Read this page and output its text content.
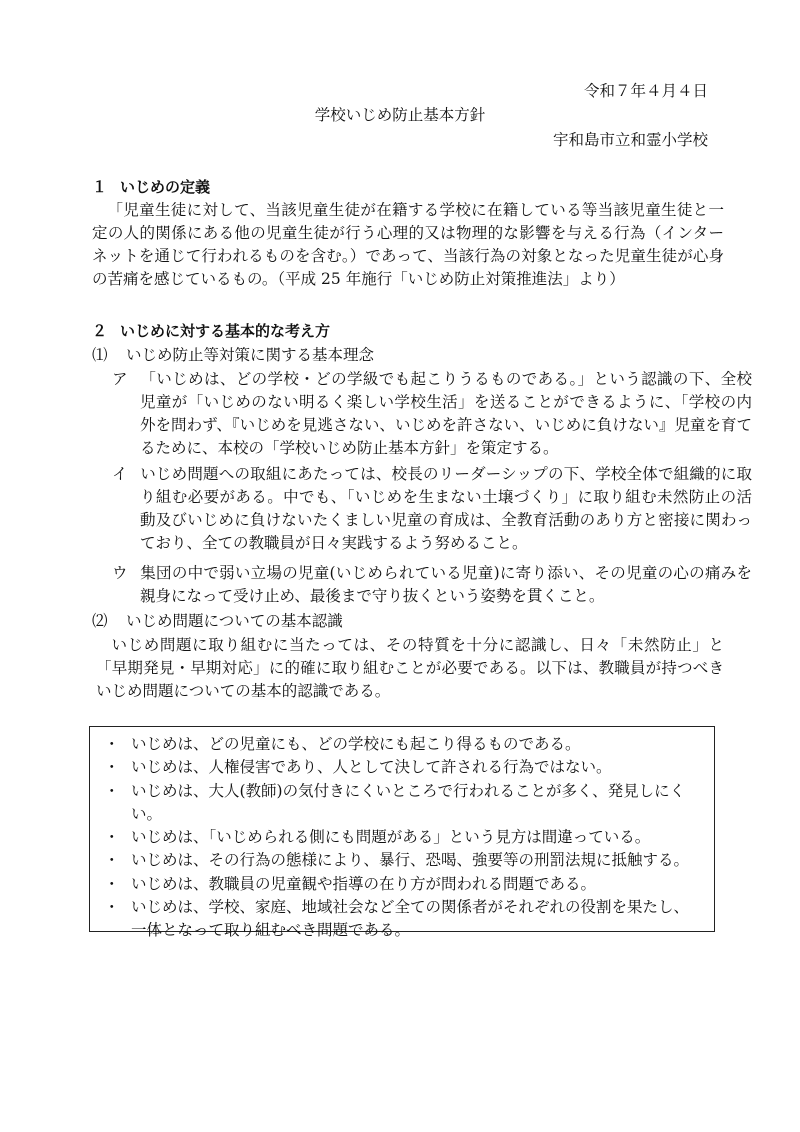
令和７年４月４日
学校いじめ防止基本方針
宇和島市立和霊小学校
１ いじめの定義

「児童生徒に対して、当該児童生徒が在籍する学校に在籍している等当該児童生徒と一定の人的関係にある他の児童生徒が行う心理的又は物理的な影響を与える行為（インターネットを通じて行われるものを含む。）であって、当該行為の対象となった児童生徒が心身の苦痛を感じているもの。（平成 25 年施行「いじめ防止対策推進法」より）

２ いじめに対する基本的な考え方
⑴ いじめ防止等対策に関する基本理念
ア 「いじめは、どの学校・どの学級でも起こりうるものである。」という認識の下、全校児童が「いじめのない明るく楽しい学校生活」を送ることができるように、「学校の内外を問わず、『いじめを見逃さない、いじめを許さない、いじめに負けない』児童を育てるために、本校の「学校いじめ防止基本方針」を策定する。
イ いじめ問題への取組にあたっては、校長のリーダーシップの下、学校全体で組織的に取り組む必要がある。中でも、「いじめを生まない土壌づくり」に取り組む未然防止の活動及びいじめに負けないたくましい児童の育成は、全教育活動のあり方と密接に関わっており、全ての教職員が日々実践するよう努めること。
ウ 集団の中で弱い立場の児童(いじめられている児童)に寄り添い、その児童の心の痛みを親身になって受け止め、最後まで守り抜くという姿勢を貫くこと。
⑵ いじめ問題についての基本認識

いじめ問題に取り組むに当たっては、その特質を十分に認識し、日々「未然防止」と「早期発見・早期対応」に的確に取り組むことが必要である。以下は、教職員が持つべきいじめ問題についての基本的認識である。

・ いじめは、どの児童にも、どの学校にも起こり得るものである。
・ いじめは、人権侵害であり、人として決して許される行為ではない。
・ いじめは、大人(教師)の気付きにくいところで行われることが多く、発見しにくい。
・ いじめは、「いじめられる側にも問題がある」という見方は間違っている。
・ いじめは、その行為の態様により、暴行、恐喝、強要等の刑罰法規に抵触する。
・ いじめは、教職員の児童観や指導の在り方が問われる問題である。
・ いじめは、学校、家庭、地域社会など全ての関係者がそれぞれの役割を果たし、一体となって取り組むべき問題である。
